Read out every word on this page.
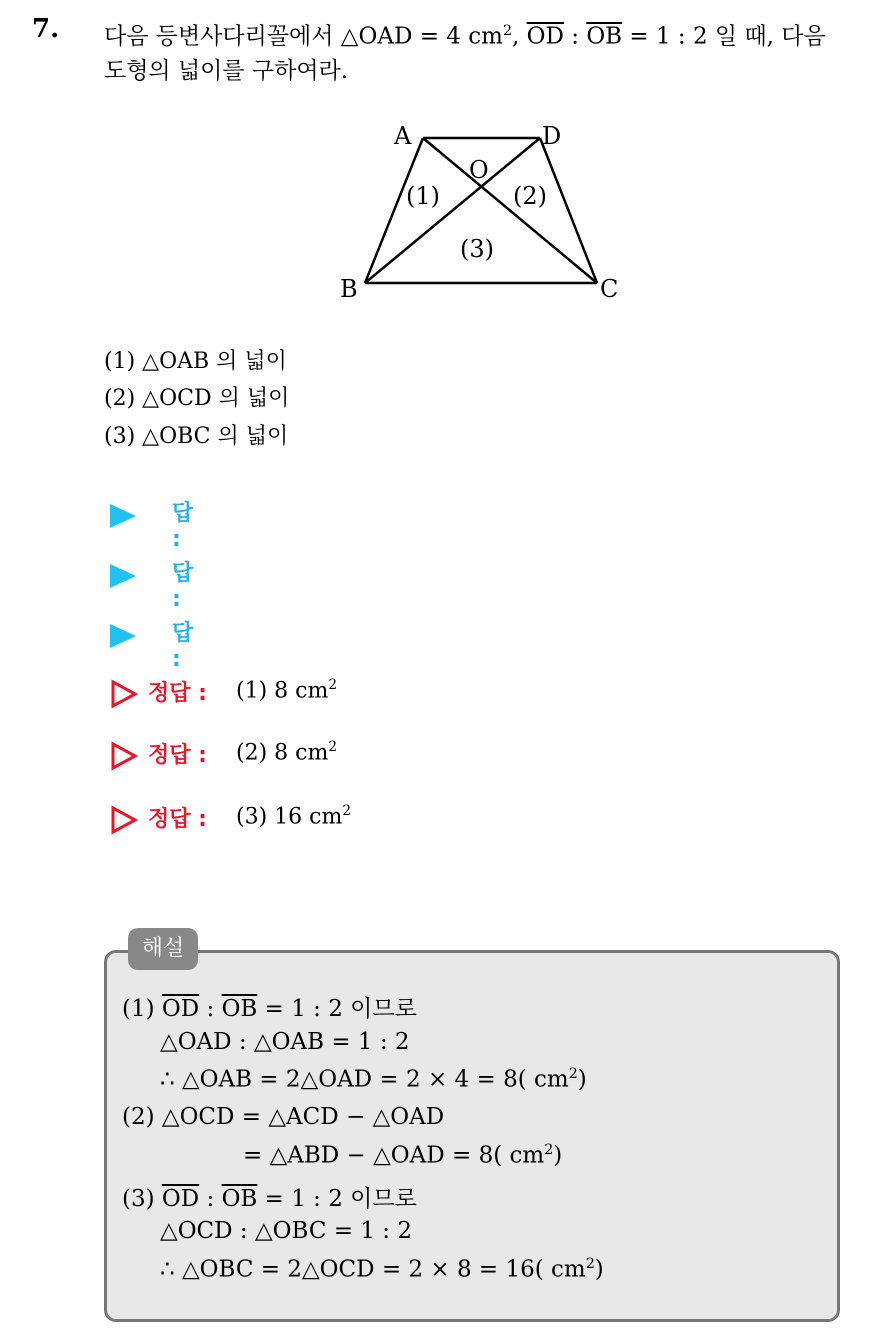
7. 다음 등변사다리꼴에서 △OAD = 4 $cm^2$, $\overline{OD}$ : $\overline{OB} = 1$ : 2 일 때, 다음
도형의 넓이를 구하여라.
A	D
O
B	C
(1)	(2)
(3)
(1) △OAB 의 넓이
(2) △OCD 의 넓이
(3) △OBC 의 넓이
답 :
답 :
답 :
정답 : (1) 8 $cm^2$
정답 : (2) 8 $cm^2$
정답 : (3) 16 $cm^2$
해설
(1) $\overline{OD}$ : $\overline{OB} = 1$ : 2 이므로
△OAD : △OAB = 1 : 2
∴ △OAB = 2△OAD = 2 × 4 = 8( $cm^2$)
(2) △OCD = △ACD − △OAD
= △ABD − △OAD = 8( $cm^2$)
(3) $\overline{OD}$ : $\overline{OB} = 1$ : 2 이므로
△OCD : △OBC = 1 : 2
∴ △OBC = 2△OCD = 2 × 8 = 16( $cm^2$)
